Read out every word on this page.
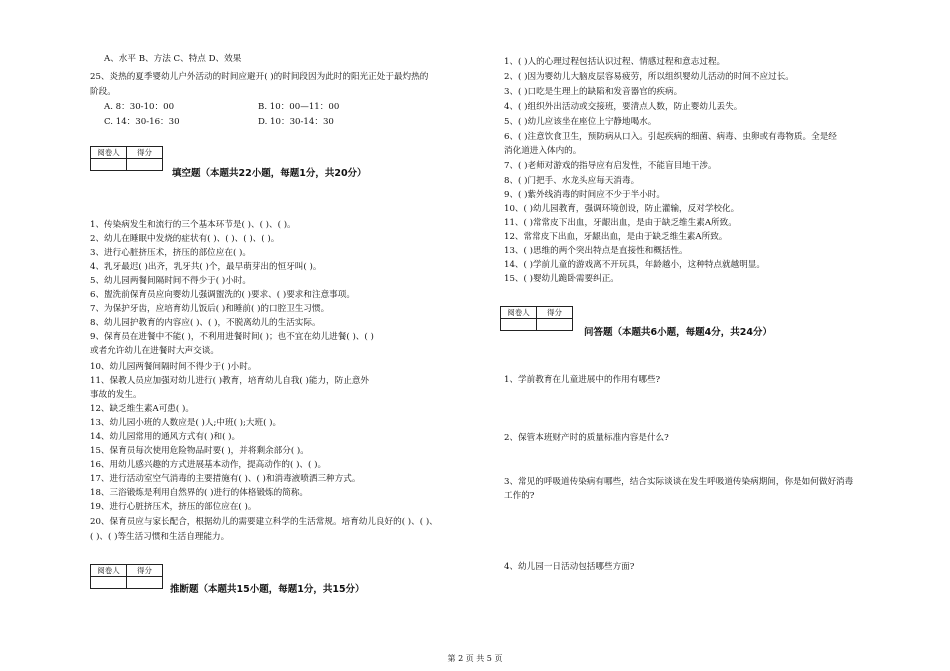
A、水平 B、方法 C、特点 D、效果
25、炎热的夏季婴幼儿户外活动的时间应避开( )的时间段因为此时的阳光正处于最灼热的
阶段。
A. 8：30-10：00	B. 10：00—11：00
C. 14：30-16：30	D. 10：30-14：30
阅卷人	得分

填空题（本题共22小题，每题1分，共20分）
1、传染病发生和流行的三个基本环节是( )、( )、( )。
2、幼儿在睡眠中发烧的症状有( )、( )、( )、( )。
3、进行心脏挤压术，挤压的部位应在( )。
4、乳牙最迟( )出齐，乳牙共( )个，最早萌芽出的恒牙叫( )。
5、幼儿园两餐间隔时间不得少于( )小时。
6、盥洗前保育员应向婴幼儿强调盥洗的( )要求、( )要求和注意事项。
7、为保护牙齿，应培育幼儿饭后( )和睡前( )的口腔卫生习惯。
8、幼儿园护教育的内容应( )、( )，不脱离幼儿的生活实际。
9、保育员在进餐中不能( )，不利用进餐时间( )；也不宜在幼儿进餐( )、( )
或者允许幼儿在进餐时大声交谈。
10、幼儿园两餐间隔时间不得少于( )小时。
11、保教人员应加强对幼儿进行( )教育，培育幼儿自我( )能力，防止意外
事故的发生。
12、缺乏维生素A可患( )。
13、幼儿园小班的人数应是( )人;中班( );大班( )。
14、幼儿园常用的通风方式有( )和( )。
15、保育员每次使用危险物品时要( )，并将剩余部分( )。
16、用幼儿感兴趣的方式进展基本动作，提高动作的( )、( )。
17、进行活动室空气消毒的主要措施有( )、( )和消毒液喷洒三种方式。
18、三浴锻炼是利用自然界的( )进行的体格锻炼的简称。
19、进行心脏挤压术，挤压的部位应在( )。
20、保育员应与家长配合，根据幼儿的需要建立科学的生活常规。培育幼儿良好的( )、( )、
( )、( )等生活习惯和生活自理能力。
阅卷人	得分

推断题（本题共15小题，每题1分，共15分）
1、( )人的心理过程包括认识过程、情感过程和意志过程。
2、( )因为婴幼儿大脑皮层容易疲劳，所以组织婴幼儿活动的时间不应过长。
3、( )口吃是生理上的缺陷和发音器官的疾病。
4、( )组织外出活动或交接班，要清点人数，防止婴幼儿丢失。
5、( )幼儿应该坐在座位上宁静地喝水。
6、( )注意饮食卫生，预防病从口入。引起疾病的细菌、病毒、虫卵或有毒物质。全是经
消化道进入体内的。
7、( )老师对游戏的指导应有启发性，不能盲目地干涉。
8、( )门把手、水龙头应每天消毒。
9、( )紫外线消毒的时间应不少于半小时。
10、( )幼儿园教育，强调环境创设，防止灌输，反对学校化。
11、( )常常皮下出血，牙龈出血，是由于缺乏维生素A所致。
12、常常皮下出血，牙龈出血，是由于缺乏维生素A所致。
13、( )思维的两个突出特点是直接性和概括性。
14、( )学前儿童的游戏离不开玩具，年龄越小，这种特点就越明显。
15、( )婴幼儿跪卧需要纠正。
阅卷人	得分

问答题（本题共6小题，每题4分，共24分）
1、学前教育在儿童进展中的作用有哪些?
2、保管本班财产时的质量标准内容是什么?
3、常见的呼吸道传染病有哪些，结合实际谈谈在发生呼吸道传染病期间，你是如何做好消毒
工作的?
4、幼儿园一日活动包括哪些方面?
第 2 页 共 5 页
